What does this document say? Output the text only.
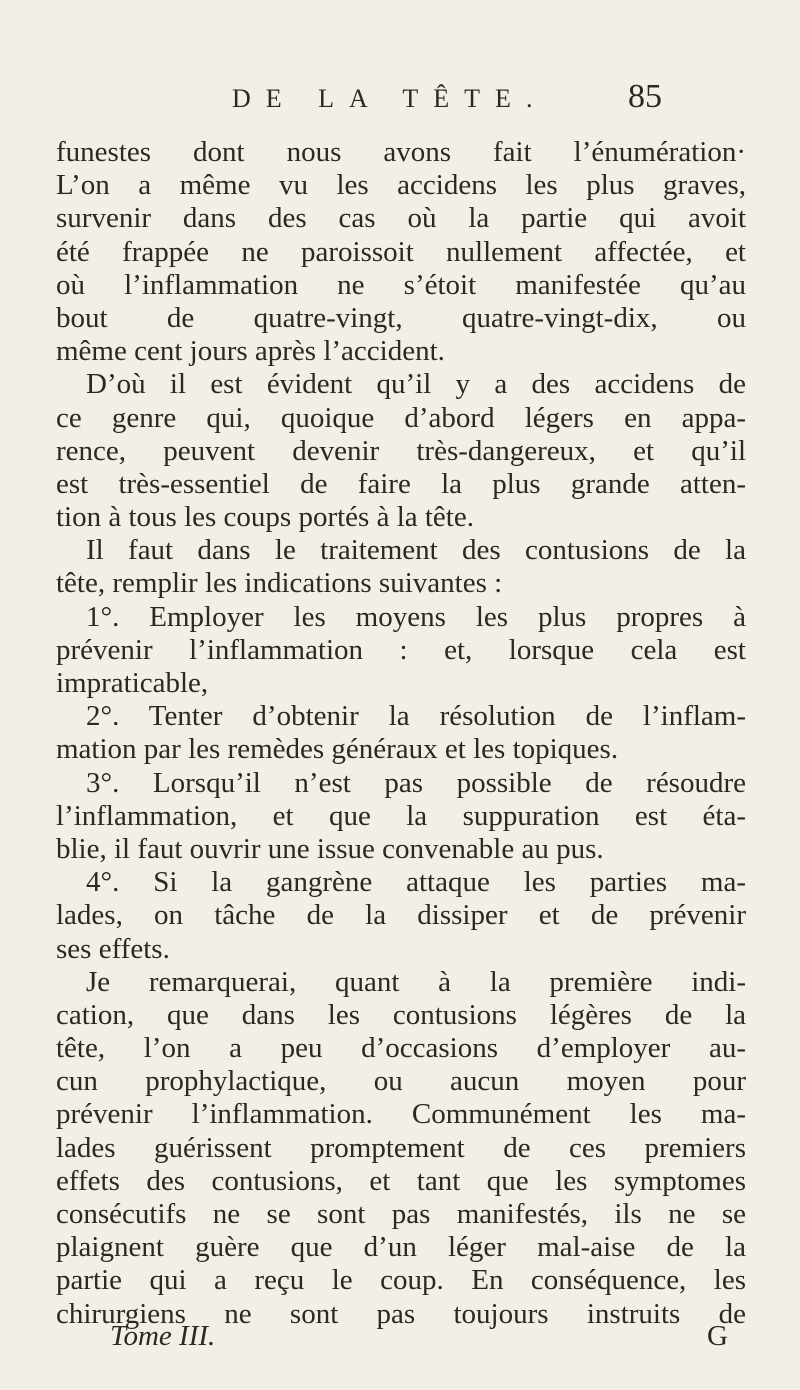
DE LA TÊTE. 85
funestes dont nous avons fait l’énumération·
L’on a même vu les accidens les plus graves,
survenir dans des cas où la partie qui avoit
été frappée ne paroissoit nullement affectée, et
où l’inflammation ne s’étoit manifestée qu’au
bout de quatre-vingt, quatre-vingt-dix, ou
même cent jours après l’accident.
D’où il est évident qu’il y a des accidens de
ce genre qui, quoique d’abord légers en appa-
rence, peuvent devenir très-dangereux, et qu’il
est très-essentiel de faire la plus grande atten-
tion à tous les coups portés à la tête.
Il faut dans le traitement des contusions de la
tête, remplir les indications suivantes :
1°. Employer les moyens les plus propres à
prévenir l’inflammation : et, lorsque cela est
impraticable,
2°. Tenter d’obtenir la résolution de l’inflam-
mation par les remèdes généraux et les topiques.
3°. Lorsqu’il n’est pas possible de résoudre
l’inflammation, et que la suppuration est éta-
blie, il faut ouvrir une issue convenable au pus.
4°. Si la gangrène attaque les parties ma-
lades, on tâche de la dissiper et de prévenir
ses effets.
Je remarquerai, quant à la première indi-
cation, que dans les contusions légères de la
tête, l’on a peu d’occasions d’employer au-
cun prophylactique, ou aucun moyen pour
prévenir l’inflammation. Communément les ma-
lades guérissent promptement de ces premiers
effets des contusions, et tant que les symptomes
consécutifs ne se sont pas manifestés, ils ne se
plaignent guère que d’un léger mal-aise de la
partie qui a reçu le coup. En conséquence, les
chirurgiens ne sont pas toujours instruits de
Tome III.	G
